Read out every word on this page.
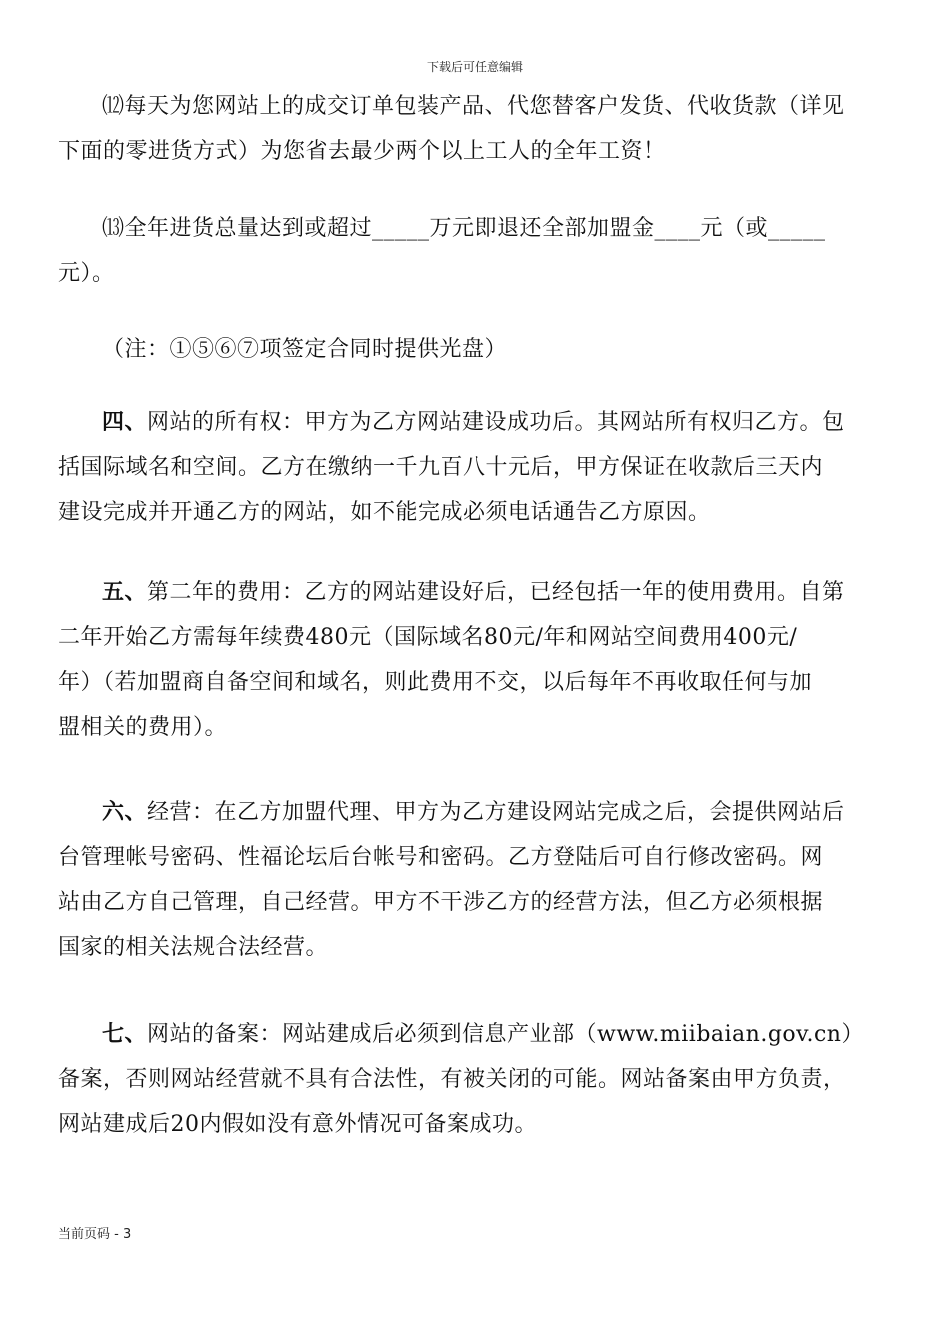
下载后可任意编辑
⑿每天为您网站上的成交订单包装产品、代您替客户发货、代收货款（详见
下面的零进货方式）为您省去最少两个以上工人的全年工资！
⒀全年进货总量达到或超过_____万元即退还全部加盟金____元（或_____
元）。
（注：①⑤⑥⑦项签定合同时提供光盘）
四、网站的所有权：甲方为乙方网站建设成功后。其网站所有权归乙方。包
括国际域名和空间。乙方在缴纳一千九百八十元后，甲方保证在收款后三天内
建设完成并开通乙方的网站，如不能完成必须电话通告乙方原因。
五、第二年的费用：乙方的网站建设好后，已经包括一年的使用费用。自第
二年开始乙方需每年续费480元（国际域名80元/年和网站空间费用400元/
年）（若加盟商自备空间和域名，则此费用不交，以后每年不再收取任何与加
盟相关的费用）。
六、经营：在乙方加盟代理、甲方为乙方建设网站完成之后，会提供网站后
台管理帐号密码、性福论坛后台帐号和密码。乙方登陆后可自行修改密码。网
站由乙方自己管理，自己经营。甲方不干涉乙方的经营方法，但乙方必须根据
国家的相关法规合法经营。
七、网站的备案：网站建成后必须到信息产业部（www.miibaian.gov.cn）
备案，否则网站经营就不具有合法性，有被关闭的可能。网站备案由甲方负责，
网站建成后20内假如没有意外情况可备案成功。
当前页码 - 3
